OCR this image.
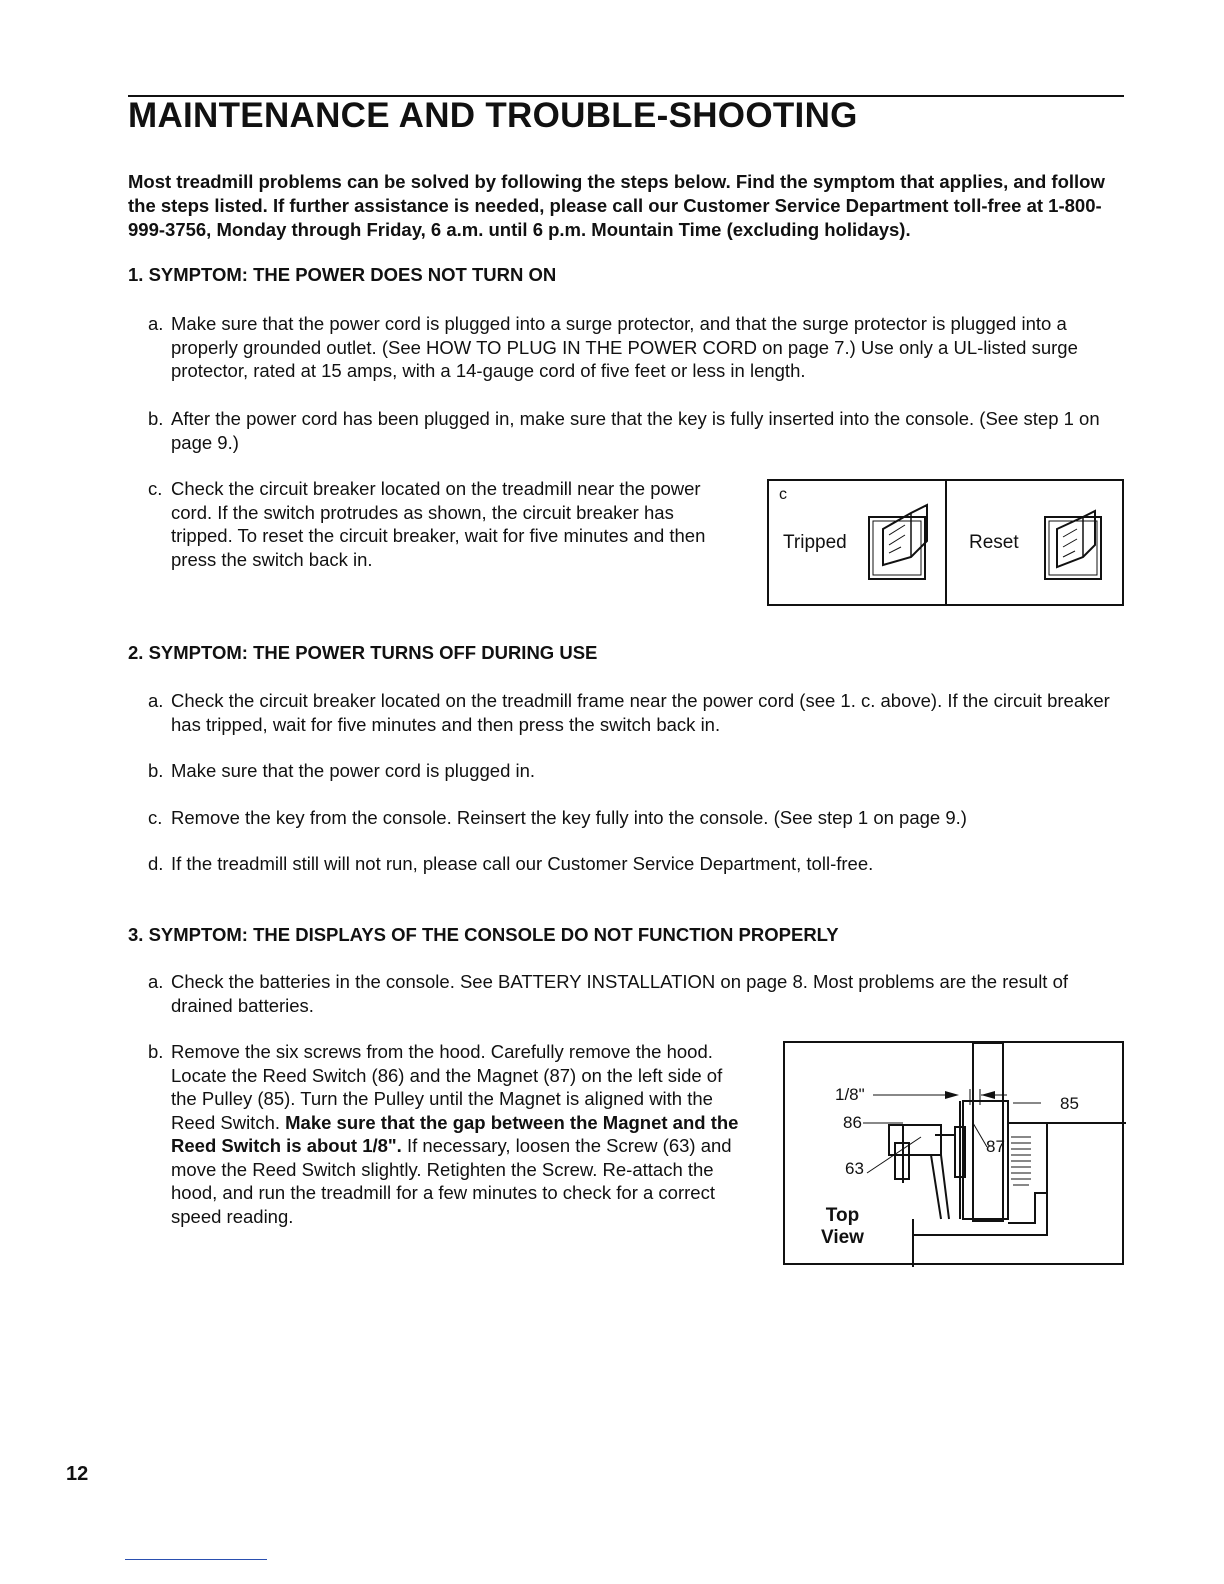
MAINTENANCE AND TROUBLE-SHOOTING

Most treadmill problems can be solved by following the steps below. Find the symptom that applies, and follow the steps listed. If further assistance is needed, please call our Customer Service Department toll-free at 1-800-999-3756, Monday through Friday, 6 a.m. until 6 p.m. Mountain Time (excluding holidays).

1. SYMPTOM: THE POWER DOES NOT TURN ON

a. Make sure that the power cord is plugged into a surge protector, and that the surge protector is plugged into a properly grounded outlet. (See HOW TO PLUG IN THE POWER CORD on page 7.) Use only a UL-listed surge protector, rated at 15 amps, with a 14-gauge cord of five feet or less in length.
b. After the power cord has been plugged in, make sure that the key is fully inserted into the console. (See step 1 on page 9.)
c. Check the circuit breaker located on the treadmill near the power cord. If the switch protrudes as shown, the circuit breaker has tripped. To reset the circuit breaker, wait for five minutes and then press the switch back in.
c
Tripped	Reset

2. SYMPTOM: THE POWER TURNS OFF DURING USE

a. Check the circuit breaker located on the treadmill frame near the power cord (see 1. c. above). If the circuit breaker has tripped, wait for five minutes and then press the switch back in.
b. Make sure that the power cord is plugged in.
c. Remove the key from the console. Reinsert the key fully into the console. (See step 1 on page 9.)
d. If the treadmill still will not run, please call our Customer Service Department, toll-free.

3. SYMPTOM: THE DISPLAYS OF THE CONSOLE DO NOT FUNCTION PROPERLY

a. Check the batteries in the console. See BATTERY INSTALLATION on page 8. Most problems are the result of drained batteries.
b. Remove the six screws from the hood. Carefully remove the hood. Locate the Reed Switch (86) and the Magnet (87) on the left side of the Pulley (85). Turn the Pulley until the Magnet is aligned with the Reed Switch. Make sure that the gap between the Magnet and the Reed Switch is about 1/8". If necessary, loosen the Screw (63) and move the Reed Switch slightly. Retighten the Screw. Re-attach the hood, and run the treadmill for a few minutes to check for a correct speed reading.
1/8"
86
63
87
85
Top
View
12
